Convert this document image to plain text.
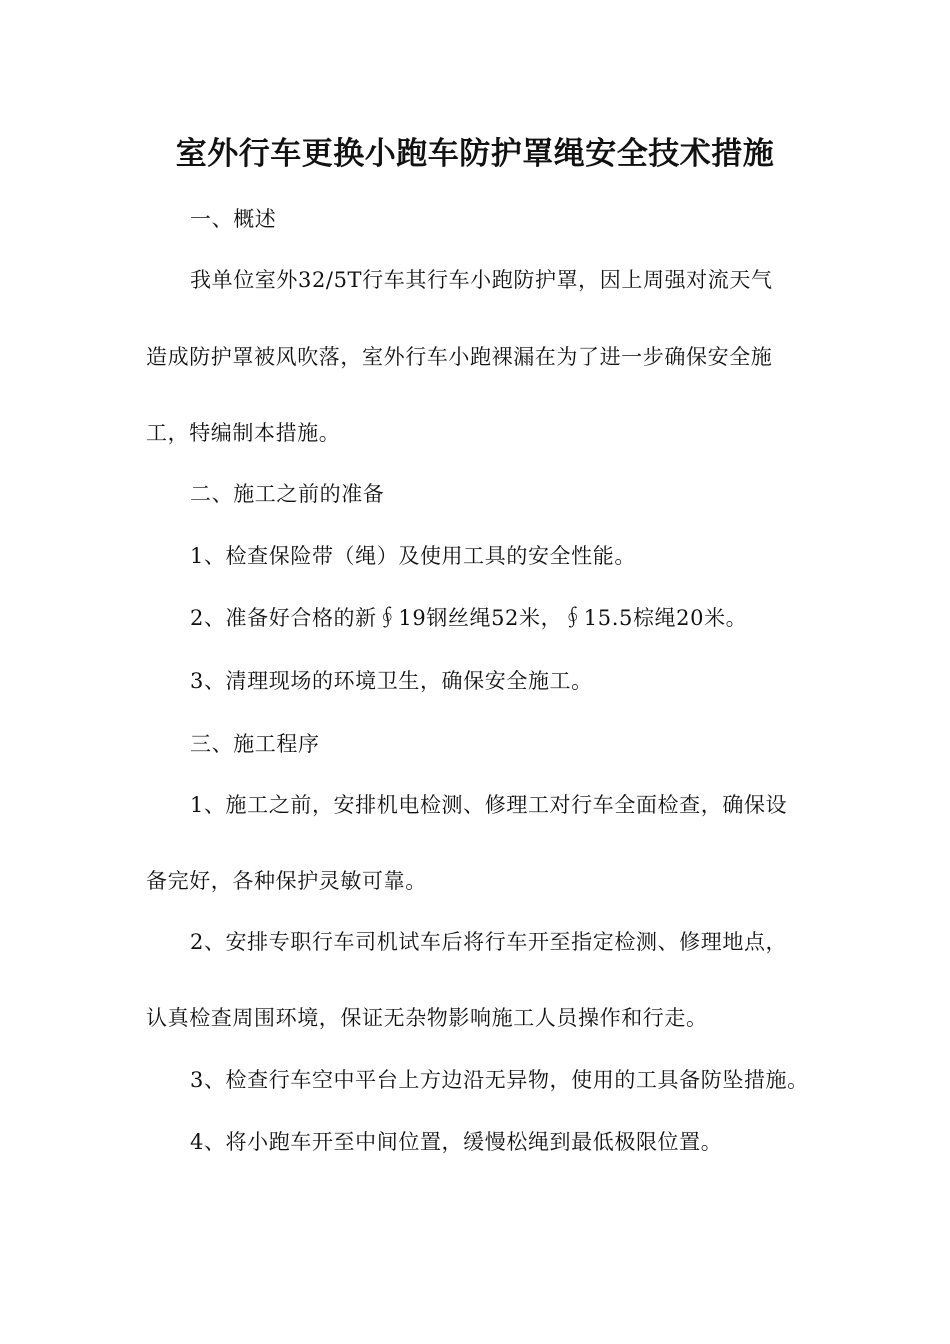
室外行车更换小跑车防护罩绳安全技术措施
一、概述
我单位室外32/5T行车其行车小跑防护罩，因上周强对流天气
造成防护罩被风吹落，室外行车小跑裸漏在为了进一步确保安全施
工，特编制本措施。
二、施工之前的准备
1、检查保险带（绳）及使用工具的安全性能。
2、准备好合格的新∮19钢丝绳52米，∮15.5棕绳20米。
3、清理现场的环境卫生，确保安全施工。
三、施工程序
1、施工之前，安排机电检测、修理工对行车全面检查，确保设
备完好，各种保护灵敏可靠。
2、安排专职行车司机试车后将行车开至指定检测、修理地点，
认真检查周围环境，保证无杂物影响施工人员操作和行走。
3、检查行车空中平台上方边沿无异物，使用的工具备防坠措施。
4、将小跑车开至中间位置，缓慢松绳到最低极限位置。
